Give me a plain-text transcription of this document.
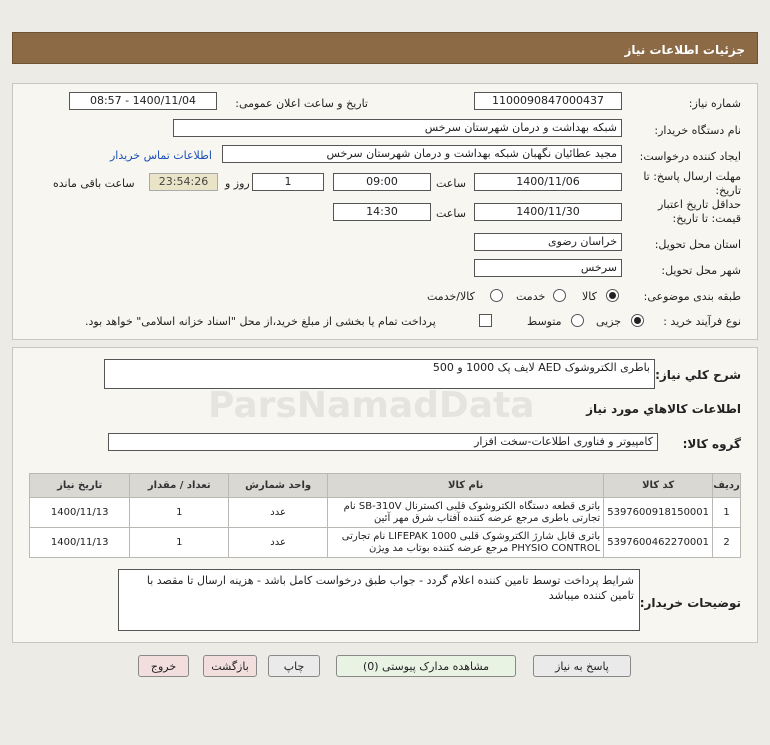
جزئیات اطلاعات نیاز
شماره نیاز:
1100090847000437
تاریخ و ساعت اعلان عمومی:
1400/11/04 - 08:57
نام دستگاه خریدار:
شبکه بهداشت و درمان شهرستان سرخس
ایجاد کننده درخواست:
مجید عطائیان نگهبان شبکه بهداشت و درمان شهرستان سرخس
اطلاعات تماس خریدار
مهلت ارسال پاسخ: تا تاریخ:
1400/11/06
ساعت
09:00
1
روز و
23:54:26
ساعت باقی مانده
حداقل تاریخ اعتبار قیمت: تا تاریخ:
1400/11/30
ساعت
14:30
استان محل تحویل:
خراسان رضوی
شهر محل تحویل:
سرخس
طبقه بندی موضوعی:
کالا
خدمت
کالا/خدمت
نوع فرآیند خرید :
جزیی
متوسط
پرداخت تمام یا بخشی از مبلغ خرید،از محل "اسناد خزانه اسلامی" خواهد بود.
شرح کلي نياز:
باطری الکتروشوک AED لایف پک 1000 و 500
اطلاعات کالاهاي مورد نياز
گروه کالا:
کامپیوتر و فناوری اطلاعات-سخت افزار
ردیف	کد کالا	نام کالا	واحد شمارش	تعداد / مقدار	تاریخ نیاز
1	5397600918150001	باتری قطعه دستگاه الکتروشوک قلبی اکسترنال SB-310V نام تجارتی باطری مرجع عرضه کننده آفتاب شرق مهر آئین	عدد	1	1400/11/13
2	5397600462270001	باتری قابل شارژ الکتروشوک قلبی LIFEPAK 1000 نام تجارتی PHYSIO CONTROL مرجع عرضه کننده بوتاب مد ویژن	عدد	1	1400/11/13
توضیحات خریدار:
شرایط پرداخت توسط تامین کننده اعلام گردد - جواب طبق درخواست کامل باشد - هزینه ارسال تا مقصد با تامین کننده میباشد
پاسخ به نیاز
مشاهده مدارک پیوستی (0)
چاپ
بازگشت
خروج
